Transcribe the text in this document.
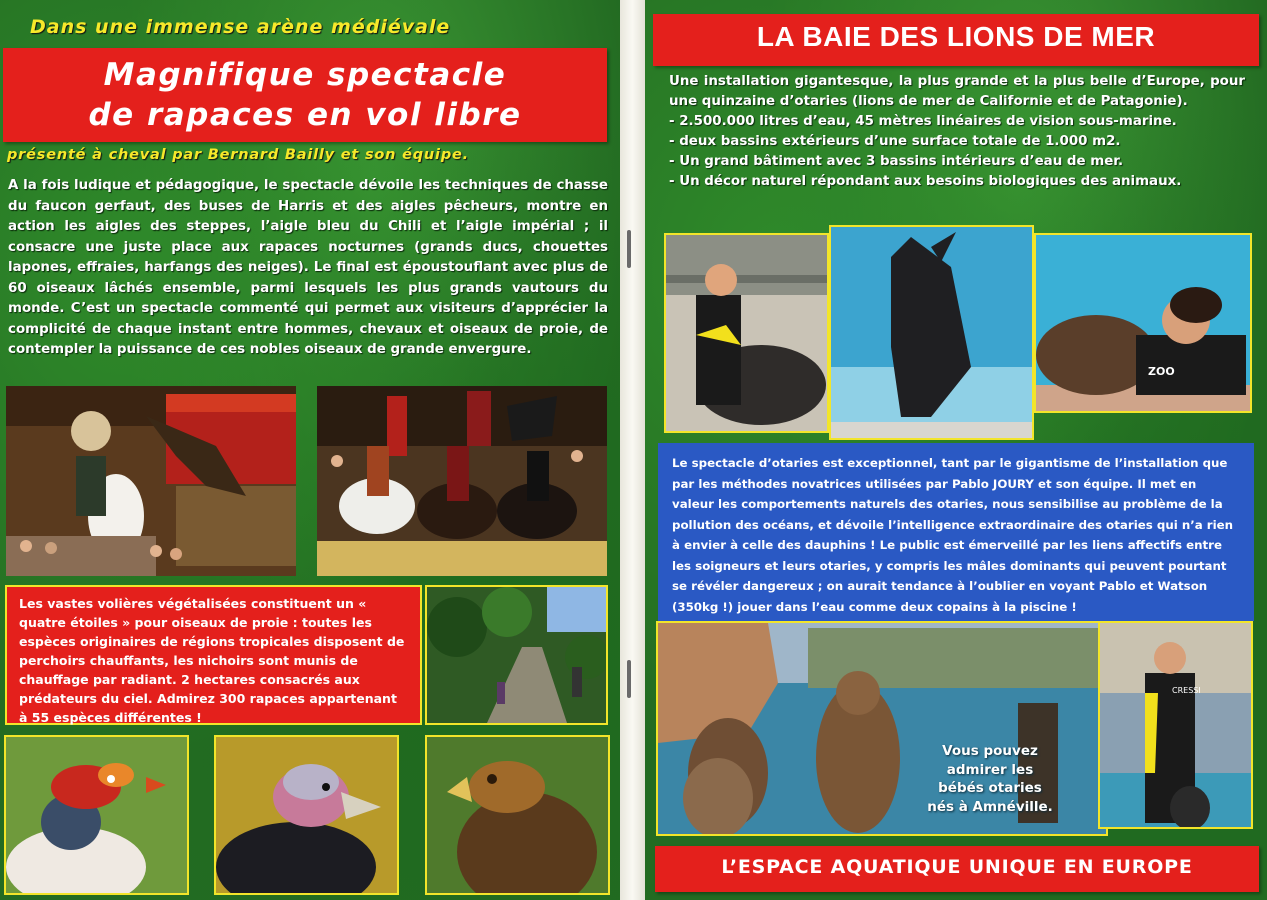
Dans une immense arène médiévale
Magnifique spectacle
de rapaces en vol libre
présenté à cheval par Bernard Bailly et son équipe.
A la fois ludique et pédagogique, le spectacle dévoile les techniques de chasse du faucon gerfaut, des buses de Harris et des aigles pêcheurs, montre en action les aigles des steppes, l’aigle bleu du Chili et l’aigle impérial ; il consacre une juste place aux rapaces nocturnes (grands ducs, chouettes lapones, effraies, harfangs des neiges). Le final est époustouflant avec plus de 60 oiseaux lâchés ensemble, parmi lesquels les plus grands vautours du monde. C’est un spectacle commenté qui permet aux visiteurs d’apprécier la complicité de chaque instant entre hommes, chevaux et oiseaux de proie, de contempler la puissance de ces nobles oiseaux de grande envergure.
Les vastes volières végétalisées constituent un « quatre étoiles » pour oiseaux de proie : toutes les espèces originaires de régions tropicales disposent de perchoirs chauffants, les nichoirs sont munis de chauffage par radiant. 2 hectares consacrés aux prédateurs du ciel. Admirez 300 rapaces appartenant à 55 espèces différentes !
LA BAIE DES LIONS DE MER
Une installation gigantesque, la plus grande et la plus belle d’Europe, pour une quinzaine d’otaries (lions de mer de Californie et de Patagonie).
- 2.500.000 litres d’eau, 45 mètres linéaires de vision sous-marine.
- deux bassins extérieurs d’une surface totale de 1.000 m2.
- Un grand bâtiment avec 3 bassins intérieurs d’eau de mer.
- Un décor naturel répondant aux besoins biologiques des animaux.
ZOO
Le spectacle d’otaries est exceptionnel, tant par le gigantisme de l’installation que par les méthodes novatrices utilisées par Pablo JOURY et son équipe. Il met en valeur les comportements naturels des otaries, nous sensibilise au problème de la pollution des océans, et dévoile l’intelligence extraordinaire des otaries qui n’a rien à envier à celle des dauphins ! Le public est émerveillé par les liens affectifs entre les soigneurs et leurs otaries, y compris les mâles dominants qui peuvent pourtant se révéler dangereux ; on aurait tendance à l’oublier en voyant Pablo et Watson (350kg !) jouer dans l’eau comme deux copains à la piscine !
Vous pouvez
admirer les
bébés otaries
nés à Amnéville.
CRESSI
L’ESPACE AQUATIQUE UNIQUE EN EUROPE
